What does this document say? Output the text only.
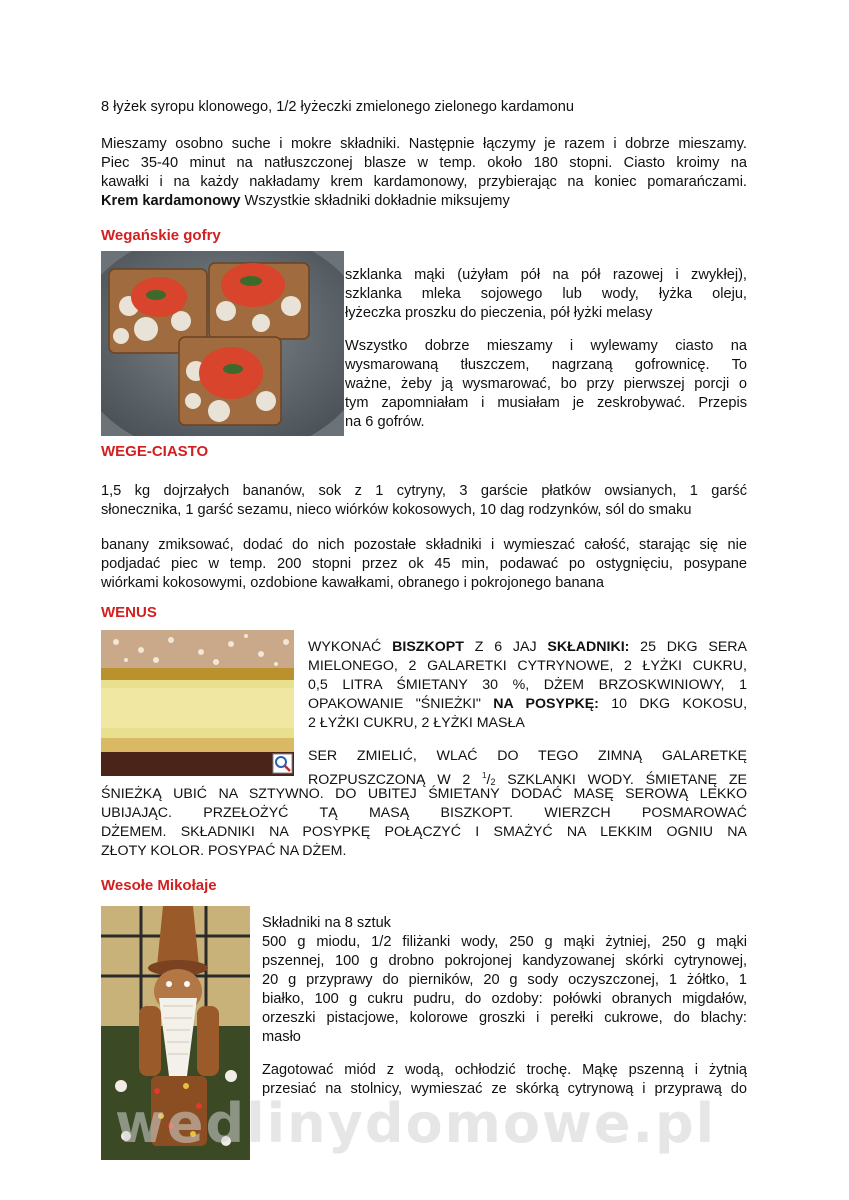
8 łyżek syropu klonowego, 1/2 łyżeczki zmielonego zielonego kardamonu

Mieszamy osobno suche i mokre składniki. Następnie łączymy je razem i dobrze mieszamy.
Piec 35-40 minut na natłuszczonej blasze w temp. około 180 stopni. Ciasto kroimy na
kawałki i na każdy nakładamy krem kardamonowy, przybierając na koniec pomarańczami.
Krem kardamonowy Wszystkie składniki dokładnie miksujemy
Wegańskie gofry
szklanka mąki (użyłam pół na pół razowej i zwykłej),
szklanka mleka sojowego lub wody, łyżka oleju,
łyżeczka proszku do pieczenia, pół łyżki melasy
Wszystko dobrze mieszamy i wylewamy ciasto na
wysmarowaną tłuszczem, nagrzaną gofrownicę. To
ważne, żeby ją wysmarować, bo przy pierwszej porcji o
tym zapomniałam i musiałam je zeskrobywać. Przepis
na 6 gofrów.
WEGE-CIASTO
1,5 kg dojrzałych bananów, sok z 1 cytryny, 3 garście płatków owsianych, 1 garść
słonecznika, 1 garść sezamu, nieco wiórków kokosowych, 10 dag rodzynków, sól do smaku
banany zmiksować, dodać do nich pozostałe składniki i wymieszać całość, starając się nie
podjadać piec w temp. 200 stopni przez ok 45 min, podawać po ostygnięciu, posypane
wiórkami kokosowymi, ozdobione kawałkami, obranego i pokrojonego banana
WENUS
WYKONAĆ BISZKOPT Z 6 JAJ SKŁADNIKI: 25 DKG SERA
MIELONEGO, 2 GALARETKI CYTRYNOWE, 2 ŁYŻKI CUKRU,
0,5 LITRA ŚMIETANY 30 %, DŻEM BRZOSKWINIOWY, 1
OPAKOWANIE "ŚNIEŻKI" NA POSYPKĘ: 10 DKG KOKOSU,
2 ŁYŻKI CUKRU, 2 ŁYŻKI MASŁA
SER ZMIELIĆ, WLAĆ DO TEGO ZIMNĄ GALARETKĘ
ROZPUSZCZONĄ W 2 $^1/_2$ SZKLANKI WODY. ŚMIETANĘ ZE
ŚNIEŻKĄ UBIĆ NA SZTYWNO. DO UBITEJ ŚMIETANY DODAĆ MASĘ SEROWĄ LEKKO
UBIJAJĄC. PRZEŁOŻYĆ TĄ MASĄ BISZKOPT. WIERZCH POSMAROWAĆ
DŻEMEM. SKŁADNIKI NA POSYPKĘ POŁĄCZYĆ I SMAŻYĆ NA LEKKIM OGNIU NA
ZŁOTY KOLOR. POSYPAĆ NA DŻEM.
Wesołe Mikołaje

Składniki na 8 sztuk

500 g miodu, 1/2 filiżanki wody, 250 g mąki żytniej, 250 g mąki
pszennej, 100 g drobno pokrojonej kandyzowanej skórki cytrynowej,
20 g przyprawy do pierników, 20 g sody oczyszczonej, 1 żółtko, 1
białko, 100 g cukru pudru, do ozdoby: połówki obranych migdałów,
orzeszki pistacjowe, kolorowe groszki i perełki cukrowe, do blachy:
masło
Zagotować miód z wodą, ochłodzić trochę. Mąkę pszenną i żytnią
przesiać na stolnicy, wymieszać ze skórką cytrynową i przyprawą do
wedlinydomowe.pl
